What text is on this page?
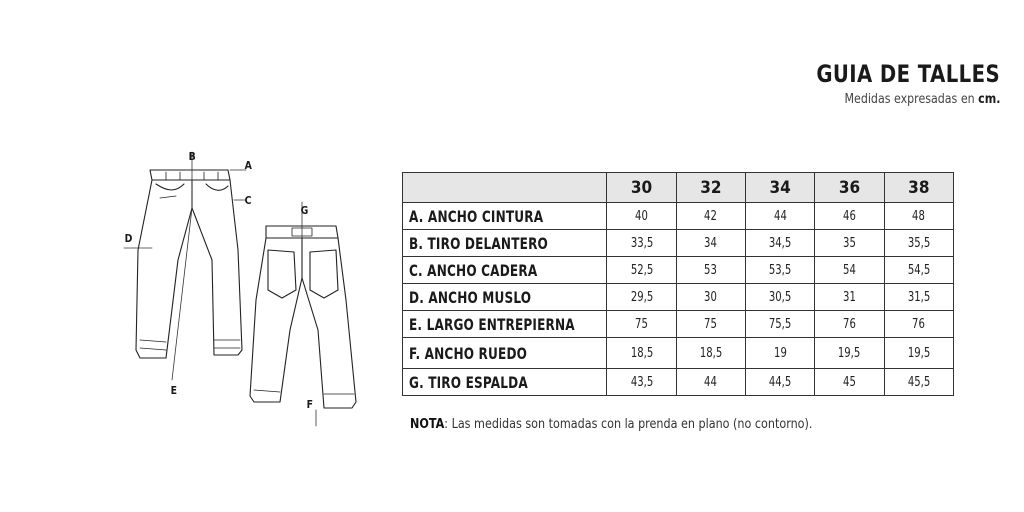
GUIA DE TALLES
Medidas expresadas en cm.
B
A
C
D
G
E
F
	30	32	34	36	38
A. ANCHO CINTURA	40	42	44	46	48
B. TIRO DELANTERO	33,5	34	34,5	35	35,5
C. ANCHO CADERA	52,5	53	53,5	54	54,5
D. ANCHO MUSLO	29,5	30	30,5	31	31,5
E. LARGO ENTREPIERNA	75	75	75,5	76	76
F. ANCHO RUEDO	18,5	18,5	19	19,5	19,5
G. TIRO ESPALDA	43,5	44	44,5	45	45,5
NOTA: Las medidas son tomadas con la prenda en plano (no contorno).
